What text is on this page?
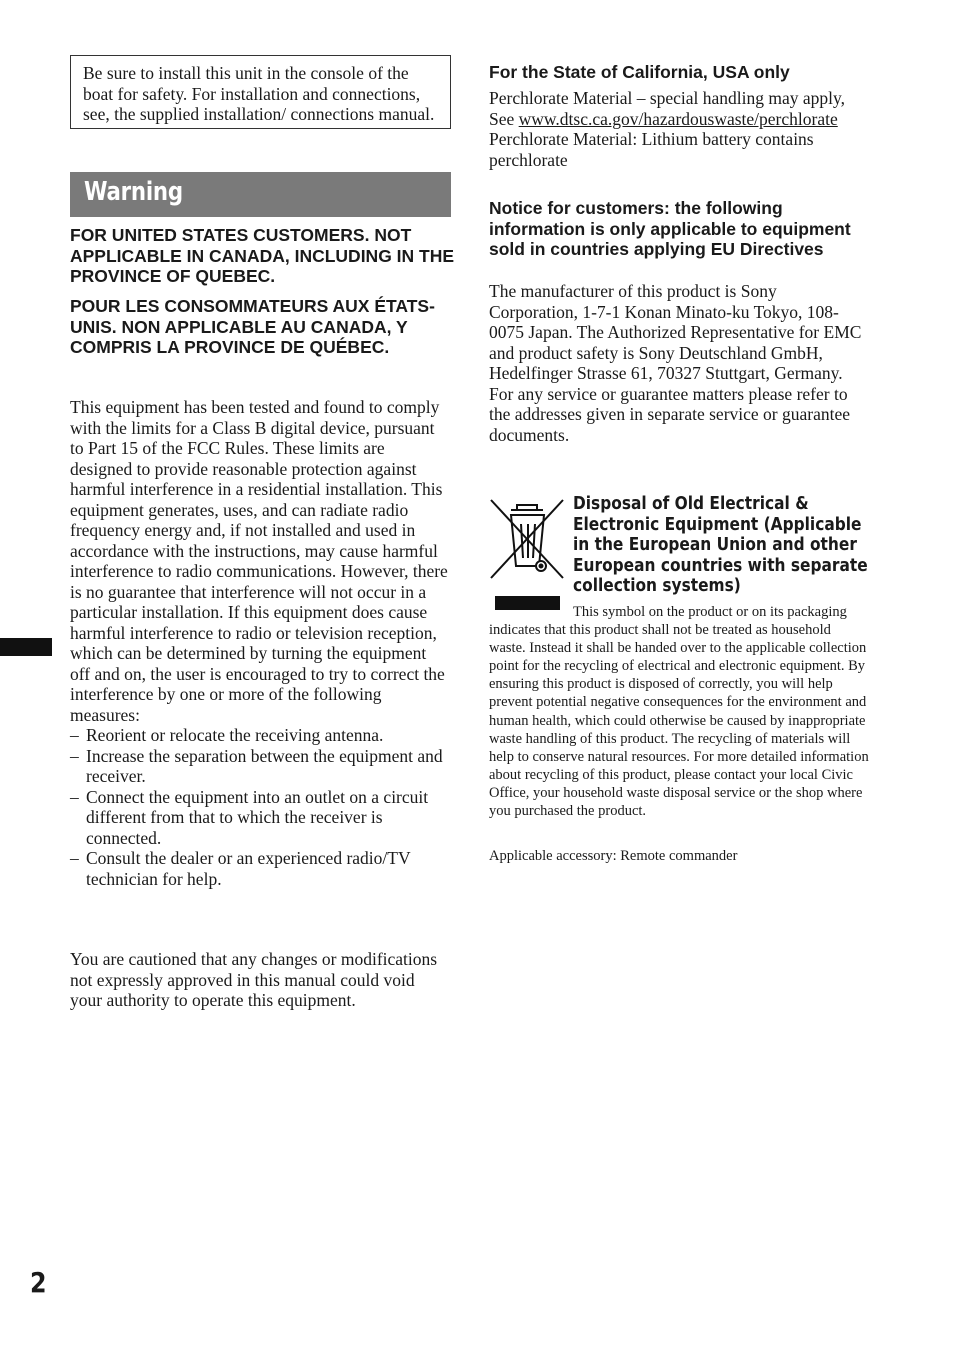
Be sure to install this unit in the console of the boat for safety. For installation and connections, see, the supplied installation/ connections manual.
Warning
FOR UNITED STATES CUSTOMERS. NOT APPLICABLE IN CANADA, INCLUDING IN THE PROVINCE OF QUEBEC.
POUR LES CONSOMMATEURS AUX ÉTATS-UNIS. NON APPLICABLE AU CANADA, Y COMPRIS LA PROVINCE DE QUÉBEC.
This equipment has been tested and found to comply with the limits for a Class B digital device, pursuant to Part 15 of the FCC Rules. These limits are designed to provide reasonable protection against harmful interference in a residential installation. This equipment generates, uses, and can radiate radio frequency energy and, if not installed and used in accordance with the instructions, may cause harmful interference to radio communications. However, there is no guarantee that interference will not occur in a particular installation. If this equipment does cause harmful interference to radio or television reception, which can be determined by turning the equipment off and on, the user is encouraged to try to correct the interference by one or more of the following measures:
– Reorient or relocate the receiving antenna.
– Increase the separation between the equipment and receiver.
– Connect the equipment into an outlet on a circuit different from that to which the receiver is connected.
– Consult the dealer or an experienced radio/TV technician for help.
You are cautioned that any changes or modifications not expressly approved in this manual could void your authority to operate this equipment.
2
For the State of California, USA only
Perchlorate Material – special handling may apply,
See www.dtsc.ca.gov/hazardouswaste/perchlorate
Perchlorate Material: Lithium battery contains perchlorate
Notice for customers: the following information is only applicable to equipment sold in countries applying EU Directives
The manufacturer of this product is Sony Corporation, 1-7-1 Konan Minato-ku Tokyo, 108-0075 Japan. The Authorized Representative for EMC and product safety is Sony Deutschland GmbH, Hedelfinger Strasse 61, 70327 Stuttgart, Germany. For any service or guarantee matters please refer to the addresses given in separate service or guarantee documents.
Disposal of Old Electrical & Electronic Equipment (Applicable in the European Union and other European countries with separate collection systems)
This symbol on the product or on its packaging indicates that this product shall not be treated as household waste. Instead it shall be handed over to the applicable collection point for the recycling of electrical and electronic equipment. By ensuring this product is disposed of correctly, you will help prevent potential negative consequences for the environment and human health, which could otherwise be caused by inappropriate waste handling of this product. The recycling of materials will help to conserve natural resources. For more detailed information about recycling of this product, please contact your local Civic Office, your household waste disposal service or the shop where you purchased the product.
Applicable accessory: Remote commander
